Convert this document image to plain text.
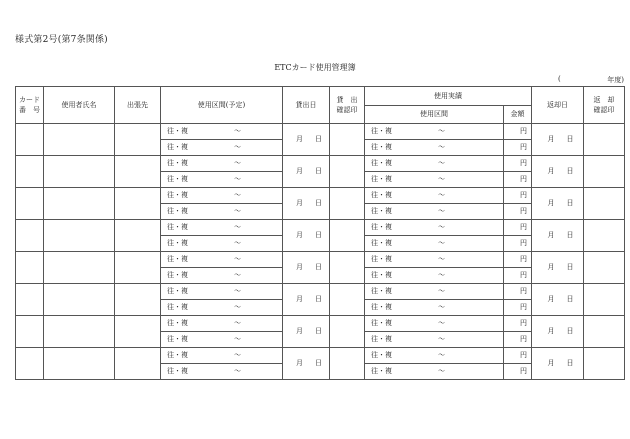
様式第2号(第7条関係)
ETCカード使用管理簿
(	年度)
カード
番　号	使用者氏名	出張先	使用区間(予定)	貸出日	貸　出
確認印	使用実績		返却日	返　却
確認印
						使用区間	金額		

			往・複 ～	月 日		往・複 ～	円	月 日	

			往・複 ～			往・複 ～	円		

			往・複 ～	月 日		往・複 ～	円	月 日	

			往・複 ～			往・複 ～	円		

			往・複 ～	月 日		往・複 ～	円	月 日	

			往・複 ～			往・複 ～	円		

			往・複 ～	月 日		往・複 ～	円	月 日	

			往・複 ～			往・複 ～	円		

			往・複 ～	月 日		往・複 ～	円	月 日	

			往・複 ～			往・複 ～	円		

			往・複 ～	月 日		往・複 ～	円	月 日	

			往・複 ～			往・複 ～	円		

			往・複 ～	月 日		往・複 ～	円	月 日	

			往・複 ～			往・複 ～	円		

			往・複 ～	月 日		往・複 ～	円	月 日	

			往・複 ～			往・複 ～	円		
